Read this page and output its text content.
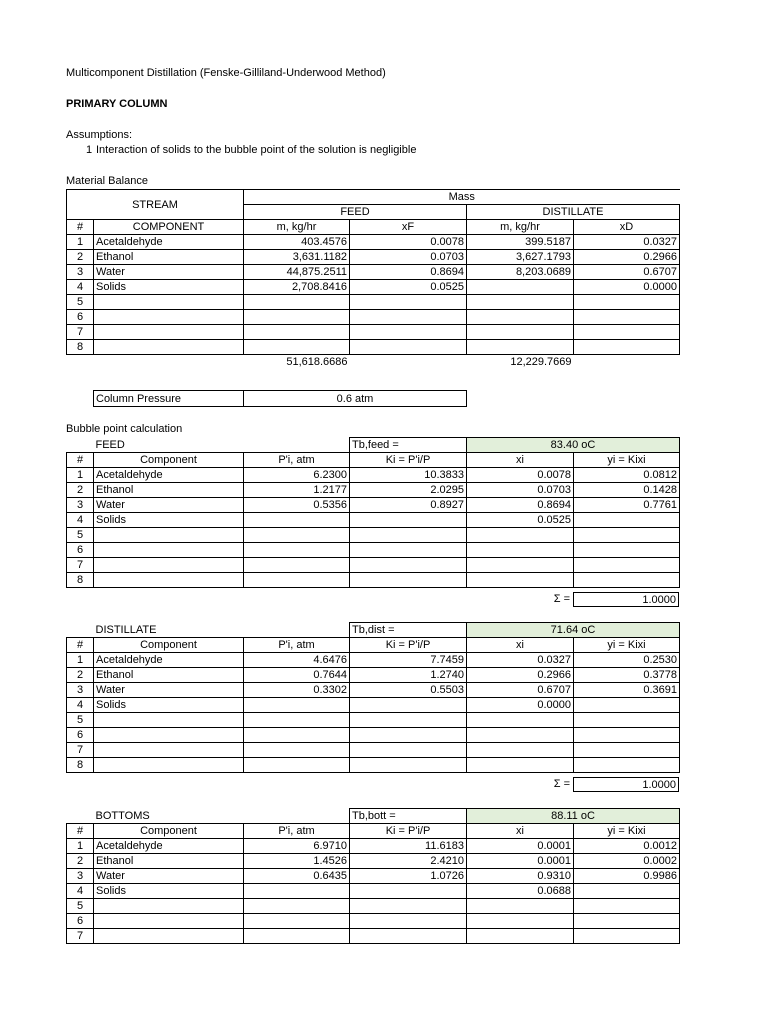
Multicomponent Distillation (Fenske-Gilliland-Underwood Method)
PRIMARY COLUMN
Assumptions:
1 Interaction of solids to the bubble point of the solution is negligible
Material Balance
STREAM		Mass			
		FEED		DISTILLATE	
#	COMPONENT	m, kg/hr	xF	m, kg/hr	xD
1	Acetaldehyde	403.4576	0.0078	399.5187	0.0327
2	Ethanol	3,631.1182	0.0703	3,627.1793	0.2966
3	Water	44,875.2511	0.8694	8,203.0689	0.6707
4	Solids	2,708.8416	0.0525		0.0000
5					
6					
7					
8					
		51,618.6686		12,229.7669	
Column Pressure	0.6 atm
Bubble point calculation
	FEED		Tb,feed =	83.40 oC	
#	Component	P'i, atm	Ki = P'i/P	xi	yi = Kixi
1	Acetaldehyde	6.2300	10.3833	0.0078	0.0812
2	Ethanol	1.2177	2.0295	0.0703	0.1428
3	Water	0.5356	0.8927	0.8694	0.7761
4	Solids			0.0525	
5					
6					
7					
8					
Σ =	1.0000
	DISTILLATE		Tb,dist =	71.64 oC	
#	Component	P'i, atm	Ki = P'i/P	xi	yi = Kixi
1	Acetaldehyde	4.6476	7.7459	0.0327	0.2530
2	Ethanol	0.7644	1.2740	0.2966	0.3778
3	Water	0.3302	0.5503	0.6707	0.3691
4	Solids			0.0000	
5					
6					
7					
8					
Σ =	1.0000
	BOTTOMS		Tb,bott =	88.11 oC	
#	Component	P'i, atm	Ki = P'i/P	xi	yi = Kixi
1	Acetaldehyde	6.9710	11.6183	0.0001	0.0012
2	Ethanol	1.4526	2.4210	0.0001	0.0002
3	Water	0.6435	1.0726	0.9310	0.9986
4	Solids			0.0688	
5					
6					
7					
